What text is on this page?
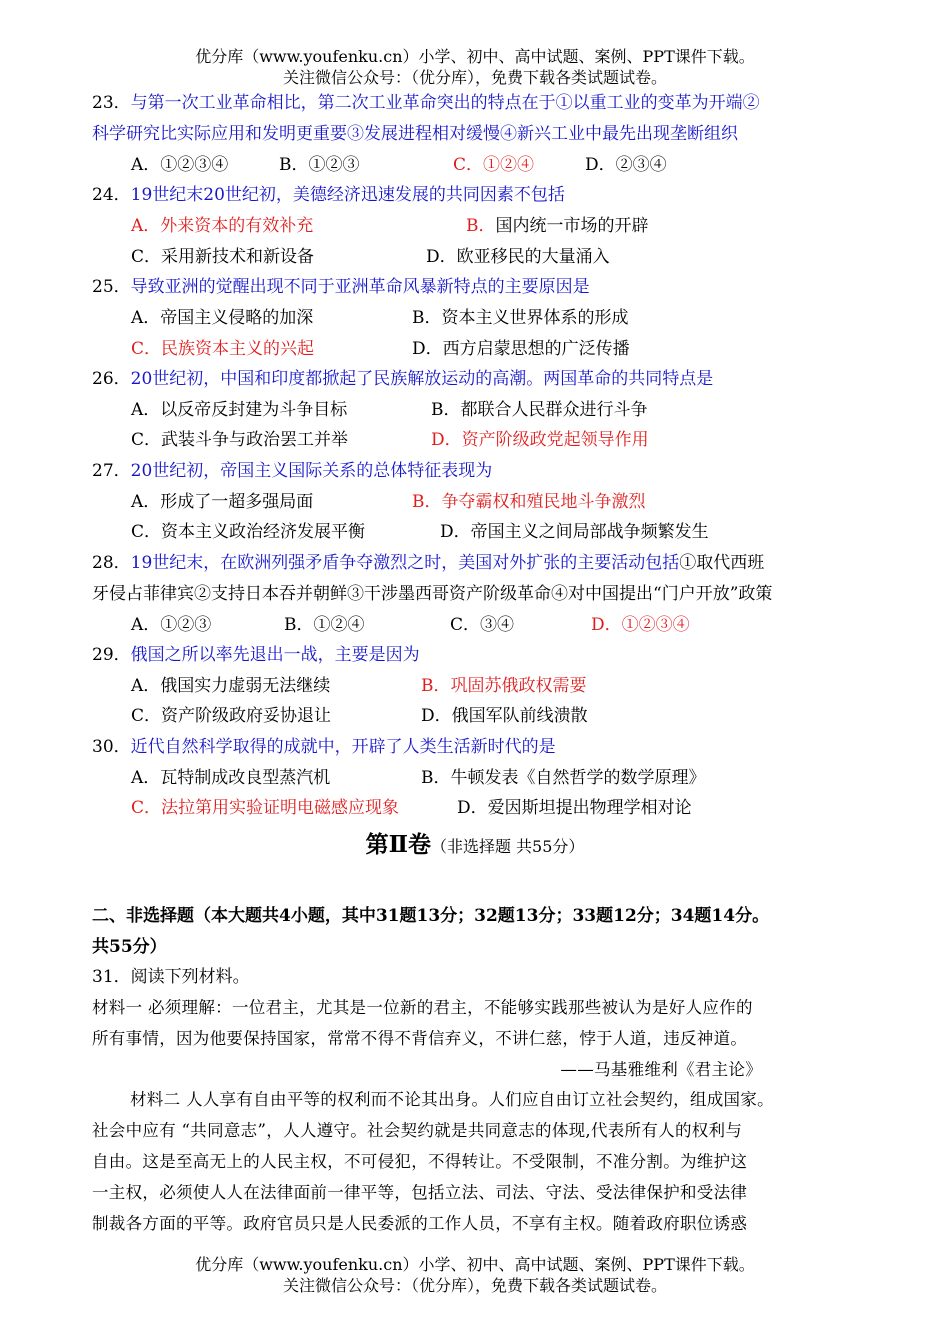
优分库（www.youfenku.cn）小学、初中、高中试题、案例、PPT课件下载。
关注微信公众号：（优分库），免费下载各类试题试卷。
23．与第一次工业革命相比，第二次工业革命突出的特点在于①以重工业的变革为开端②
科学研究比实际应用和发明更重要③发展进程相对缓慢④新兴工业中最先出现垄断组织
A．①②③④	B．①②③	C．①②④	D．②③④
24．19世纪末20世纪初，美德经济迅速发展的共同因素不包括
A．外来资本的有效补充	B．国内统一市场的开辟
C．采用新技术和新设备	D．欧亚移民的大量涌入
25．导致亚洲的觉醒出现不同于亚洲革命风暴新特点的主要原因是
A．帝国主义侵略的加深	B．资本主义世界体系的形成
C．民族资本主义的兴起	D．西方启蒙思想的广泛传播
26．20世纪初，中国和印度都掀起了民族解放运动的高潮。两国革命的共同特点是
A．以反帝反封建为斗争目标	B．都联合人民群众进行斗争
C．武装斗争与政治罢工并举	D．资产阶级政党起领导作用
27．20世纪初，帝国主义国际关系的总体特征表现为
A．形成了一超多强局面	B．争夺霸权和殖民地斗争激烈
C．资本主义政治经济发展平衡	D．帝国主义之间局部战争频繁发生
28．19世纪末，在欧洲列强矛盾争夺激烈之时，美国对外扩张的主要活动包括①取代西班
牙侵占菲律宾②支持日本吞并朝鲜③干涉墨西哥资产阶级革命④对中国提出“门户开放”政策
A．①②③	B．①②④	C．③④	D．①②③④
29．俄国之所以率先退出一战，主要是因为
A．俄国实力虚弱无法继续	B．巩固苏俄政权需要
C．资产阶级政府妥协退让	D．俄国军队前线溃散
30．近代自然科学取得的成就中，开辟了人类生活新时代的是
A．瓦特制成改良型蒸汽机	B．牛顿发表《自然哲学的数学原理》
C．法拉第用实验证明电磁感应现象	D．爱因斯坦提出物理学相对论
第Ⅱ卷（非选择题 共55分）
二、非选择题（本大题共4小题，其中31题13分；32题13分；33题12分；34题14分。
共55分）
31．阅读下列材料。
材料一 必须理解：一位君主，尤其是一位新的君主，不能够实践那些被认为是好人应作的
所有事情，因为他要保持国家，常常不得不背信弃义，不讲仁慈，悖于人道，违反神道。
——马基雅维利《君主论》
材料二 人人享有自由平等的权利而不论其出身。人们应自由订立社会契约，组成国家。
社会中应有 “共同意志”，人人遵守。社会契约就是共同意志的体现,代表所有人的权利与
自由。这是至高无上的人民主权，不可侵犯，不得转让。不受限制，不准分割。为维护这
一主权，必须使人人在法律面前一律平等，包括立法、司法、守法、受法律保护和受法律
制裁各方面的平等。政府官员只是人民委派的工作人员，不享有主权。随着政府职位诱惑
优分库（www.youfenku.cn）小学、初中、高中试题、案例、PPT课件下载。
关注微信公众号：（优分库），免费下载各类试题试卷。
